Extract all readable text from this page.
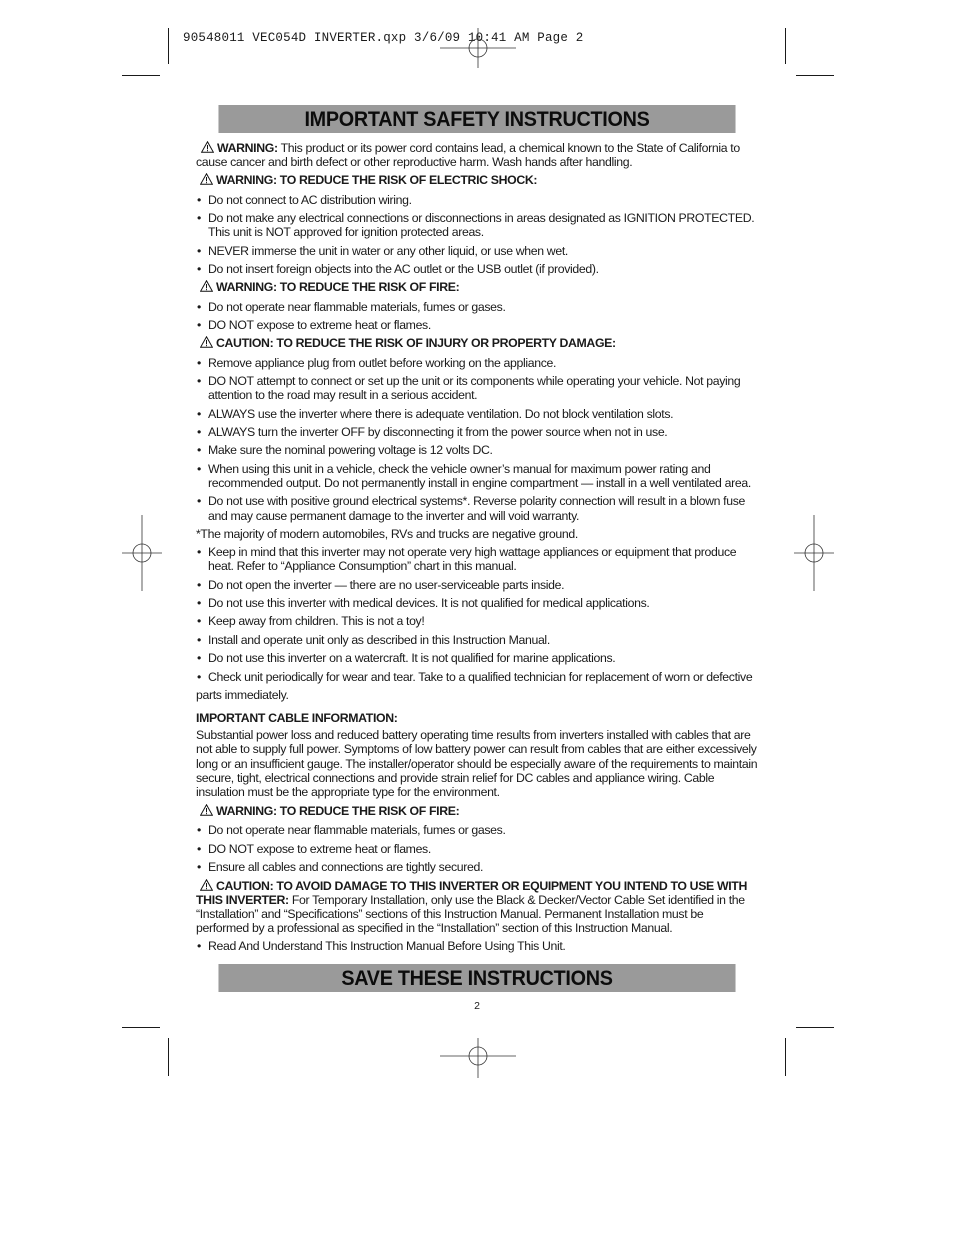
90548011 VEC054D INVERTER.qxp 3/6/09 10:41 AM Page 2
IMPORTANT SAFETY INSTRUCTIONS

WARNING: This product or its power cord contains lead, a chemical known to the State of California to cause cancer and birth defect or other reproductive harm. Wash hands after handling.

WARNING: TO REDUCE THE RISK OF ELECTRIC SHOCK:

• Do not connect to AC distribution wiring.
• Do not make any electrical connections or disconnections in areas designated as IGNITION PROTECTED. This unit is NOT approved for ignition protected areas.
• NEVER immerse the unit in water or any other liquid, or use when wet.
• Do not insert foreign objects into the AC outlet or the USB outlet (if provided).

WARNING: TO REDUCE THE RISK OF FIRE:

• Do not operate near flammable materials, fumes or gases.
• DO NOT expose to extreme heat or flames.

CAUTION: TO REDUCE THE RISK OF INJURY OR PROPERTY DAMAGE:

• Remove appliance plug from outlet before working on the appliance.
• DO NOT attempt to connect or set up the unit or its components while operating your vehicle. Not paying attention to the road may result in a serious accident.
• ALWAYS use the inverter where there is adequate ventilation. Do not block ventilation slots.
• ALWAYS turn the inverter OFF by disconnecting it from the power source when not in use.
• Make sure the nominal powering voltage is 12 volts DC.
• When using this unit in a vehicle, check the vehicle owner’s manual for maximum power rating and recommended output. Do not permanently install in engine compartment — install in a well ventilated area.
• Do not use with positive ground electrical systems*. Reverse polarity connection will result in a blown fuse and may cause permanent damage to the inverter and will void warranty.

*The majority of modern automobiles, RVs and trucks are negative ground.

• Keep in mind that this inverter may not operate very high wattage appliances or equipment that produce heat. Refer to “Appliance Consumption” chart in this manual.
• Do not open the inverter — there are no user-serviceable parts inside.
• Do not use this inverter with medical devices. It is not qualified for medical applications.
• Keep away from children. This is not a toy!
• Install and operate unit only as described in this Instruction Manual.
• Do not use this inverter on a watercraft. It is not qualified for marine applications.
• Check unit periodically for wear and tear. Take to a qualified technician for replacement of worn or defective
parts immediately.

IMPORTANT CABLE INFORMATION:

Substantial power loss and reduced battery operating time results from inverters installed with cables that are not able to supply full power. Symptoms of low battery power can result from cables that are either excessively long or an insufficient gauge. The installer/operator should be especially aware of the requirements to maintain secure, tight, electrical connections and provide strain relief for DC cables and appliance wiring. Cable insulation must be the appropriate type for the environment.

WARNING: TO REDUCE THE RISK OF FIRE:

• Do not operate near flammable materials, fumes or gases.
• DO NOT expose to extreme heat or flames.
• Ensure all cables and connections are tightly secured.

CAUTION: TO AVOID DAMAGE TO THIS INVERTER OR EQUIPMENT YOU INTEND TO USE WITH THIS INVERTER: For Temporary Installation, only use the Black & Decker/Vector Cable Set identified in the “Installation” and “Specifications” sections of this Instruction Manual. Permanent Installation must be performed by a professional as specified in the “Installation” section of this Instruction Manual.

• Read And Understand This Instruction Manual Before Using This Unit.
SAVE THESE INSTRUCTIONS
2
